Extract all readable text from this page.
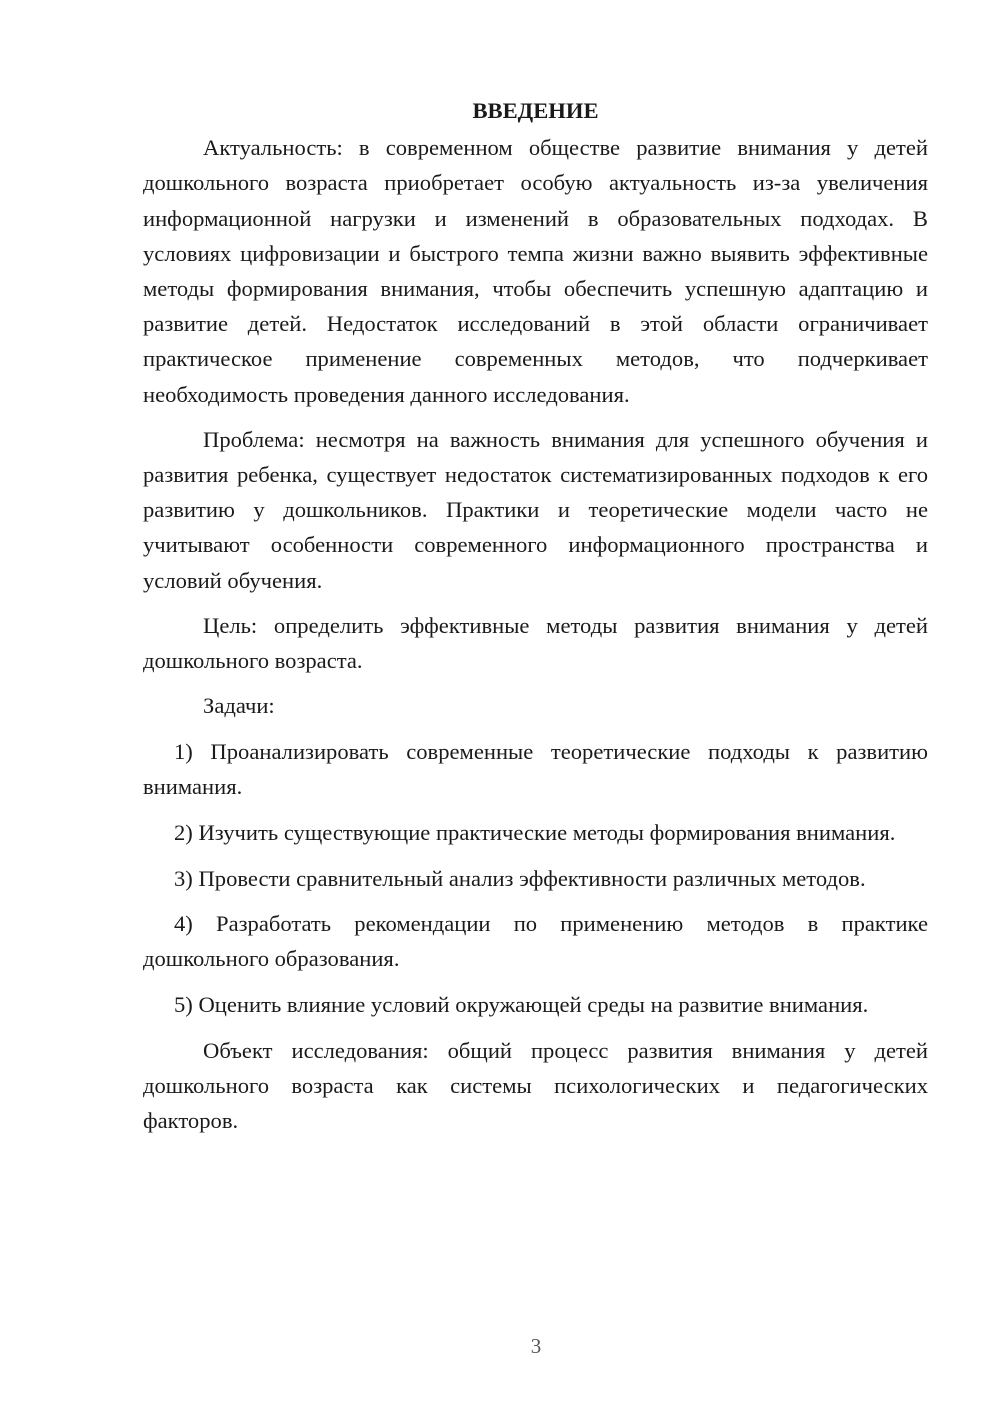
ВВЕДЕНИЕ

Актуальность: в современном обществе развитие внимания у детей дошкольного возраста приобретает особую актуальность из-за увеличения информационной нагрузки и изменений в образовательных подходах. В условиях цифровизации и быстрого темпа жизни важно выявить эффективные методы формирования внимания, чтобы обеспечить успешную адаптацию и развитие детей. Недостаток исследований в этой области ограничивает практическое применение современных методов, что подчеркивает необходимость проведения данного исследования.

Проблема: несмотря на важность внимания для успешного обучения и развития ребенка, существует недостаток систематизированных подходов к его развитию у дошкольников. Практики и теоретические модели часто не учитывают особенности современного информационного пространства и условий обучения.

Цель: определить эффективные методы развития внимания у детей дошкольного возраста.

Задачи:

1) Проанализировать современные теоретические подходы к развитию внимания.

2) Изучить существующие практические методы формирования внимания.

3) Провести сравнительный анализ эффективности различных методов.

4) Разработать рекомендации по применению методов в практике дошкольного образования.

5) Оценить влияние условий окружающей среды на развитие внимания.

Объект исследования: общий процесс развития внимания у детей дошкольного возраста как системы психологических и педагогических факторов.

3
